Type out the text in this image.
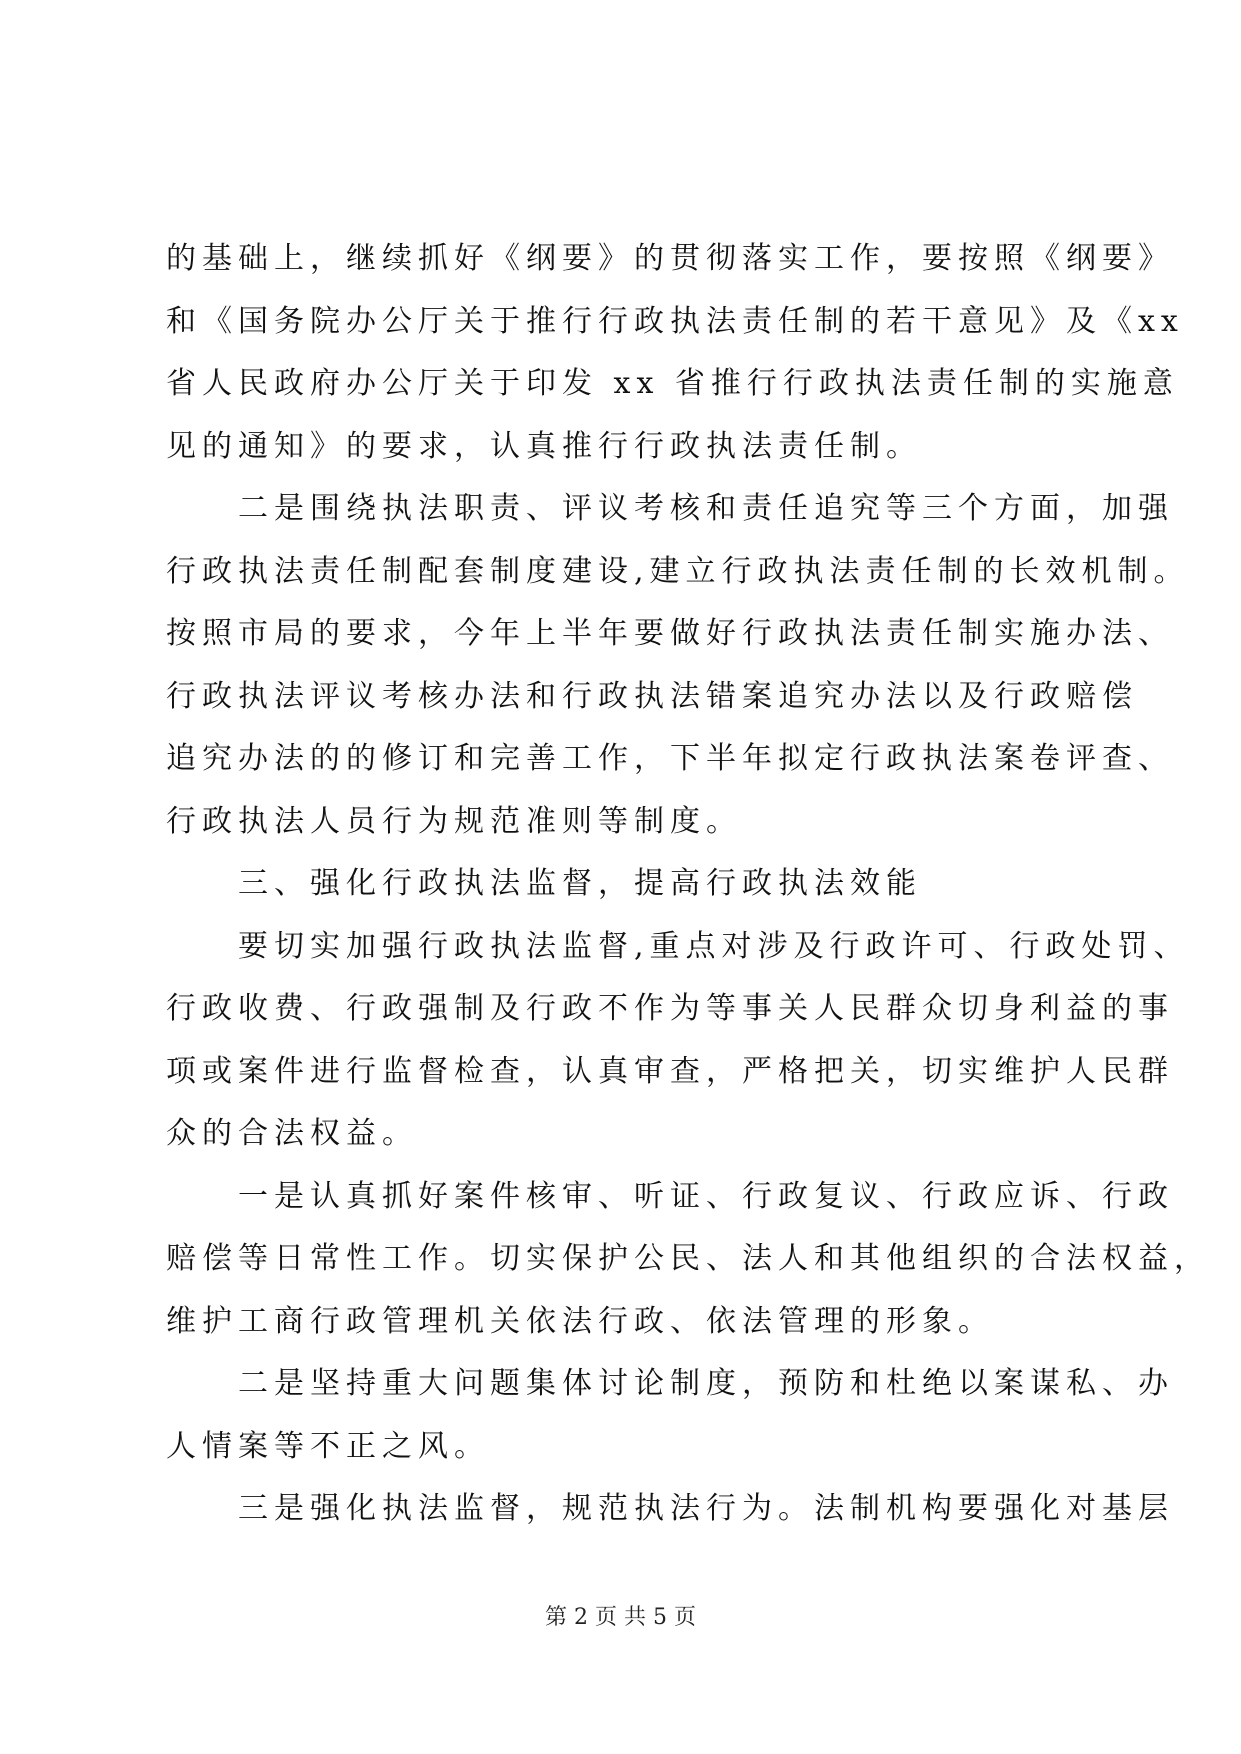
的基础上，继续抓好《纲要》的贯彻落实工作，要按照《纲要》
和《国务院办公厅关于推行行政执法责任制的若干意见》及《xx
省人民政府办公厅关于印发 xx 省推行行政执法责任制的实施意
见的通知》的要求，认真推行行政执法责任制。
二是围绕执法职责、评议考核和责任追究等三个方面，加强
行政执法责任制配套制度建设,建立行政执法责任制的长效机制。
按照市局的要求，今年上半年要做好行政执法责任制实施办法、
行政执法评议考核办法和行政执法错案追究办法以及行政赔偿
追究办法的的修订和完善工作，下半年拟定行政执法案卷评查、
行政执法人员行为规范准则等制度。
三、强化行政执法监督，提高行政执法效能
要切实加强行政执法监督,重点对涉及行政许可、行政处罚、
行政收费、行政强制及行政不作为等事关人民群众切身利益的事
项或案件进行监督检查，认真审查，严格把关，切实维护人民群
众的合法权益。
一是认真抓好案件核审、听证、行政复议、行政应诉、行政
赔偿等日常性工作。切实保护公民、法人和其他组织的合法权益，
维护工商行政管理机关依法行政、依法管理的形象。
二是坚持重大问题集体讨论制度，预防和杜绝以案谋私、办
人情案等不正之风。
三是强化执法监督，规范执法行为。法制机构要强化对基层
第 2 页 共 5 页
